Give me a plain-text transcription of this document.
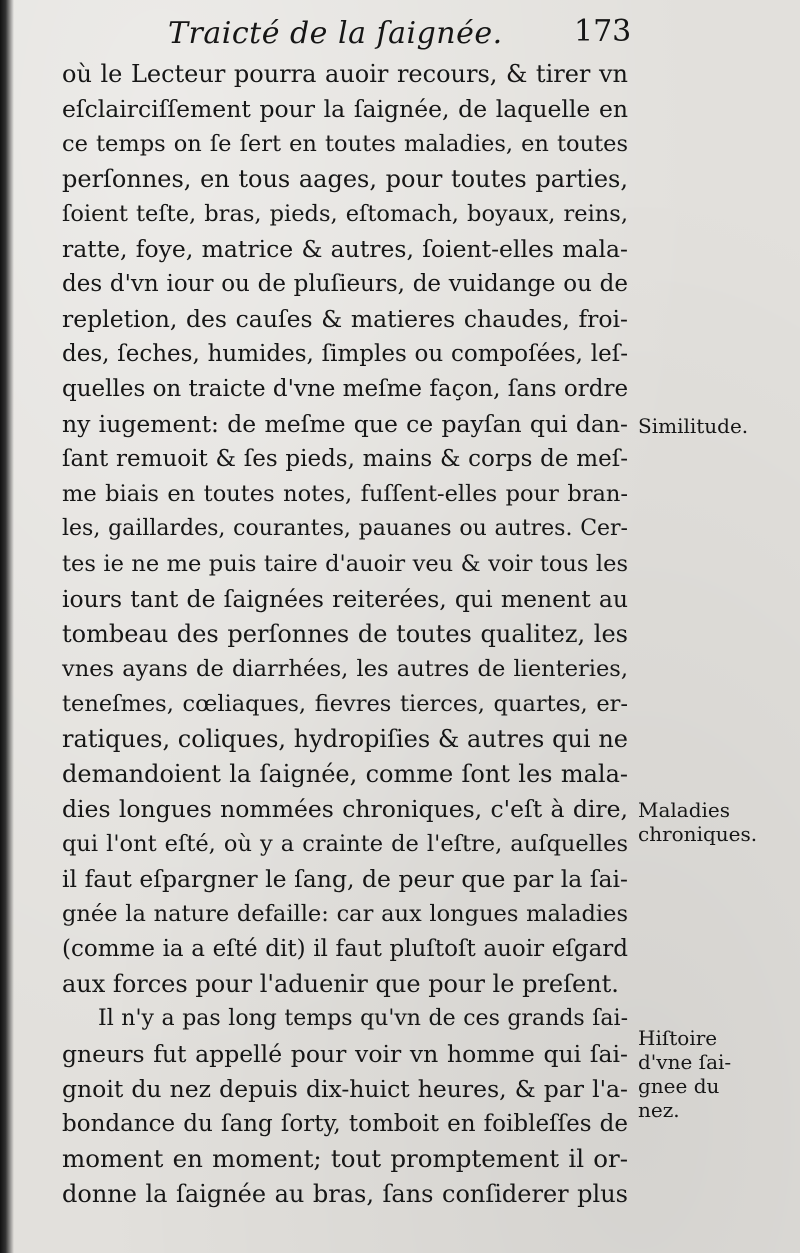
Traicté de la ſaignée. 173
où le Lecteur pourra auoir recours, & tirer vn
eſclairciſſement pour la ſaignée, de laquelle en
ce temps on ſe ſert en toutes maladies, en toutes
perſonnes, en tous aages, pour toutes parties,
ſoient teſte, bras, pieds, eſtomach, boyaux, reins,
ratte, foye, matrice & autres, ſoient-elles mala-
des d'vn iour ou de pluſieurs, de vuidange ou de
repletion, des cauſes & matieres chaudes, froi-
des, ſeches, humides, ſimples ou compoſées, leſ-
quelles on traicte d'vne meſme façon, ſans ordre
ny iugement: de meſme que ce payſan qui dan-
ſant remuoit & ſes pieds, mains & corps de meſ-
me biais en toutes notes, fuſſent-elles pour bran-
les, gaillardes, courantes, pauanes ou autres. Cer-
tes ie ne me puis taire d'auoir veu & voir tous les
iours tant de ſaignées reiterées, qui menent au
tombeau des perſonnes de toutes qualitez, les
vnes ayans de diarrhées, les autres de lienteries,
teneſmes, cœliaques, fievres tierces, quartes, er-
ratiques, coliques, hydropiſies & autres qui ne
demandoient la ſaignée, comme ſont les mala-
dies longues nommées chroniques, c'eſt à dire,
qui l'ont eſté, où y a crainte de l'eſtre, auſquelles
il faut eſpargner le ſang, de peur que par la ſai-
gnée la nature defaille: car aux longues maladies
(comme ia a eſté dit) il faut pluſtoſt auoir eſgard
aux forces pour l'aduenir que pour le preſent.
Il n'y a pas long temps qu'vn de ces grands ſai-
gneurs fut appellé pour voir vn homme qui ſai-
gnoit du nez depuis dix-huict heures, & par l'a-
bondance du ſang ſorty, tomboit en foibleſſes de
moment en moment; tout promptement il or-
donne la ſaignée au bras, ſans conſiderer plus
Similitude.
Maladies
chroniques.
Hiſtoire
d'vne ſai-
gnee du
nez.
